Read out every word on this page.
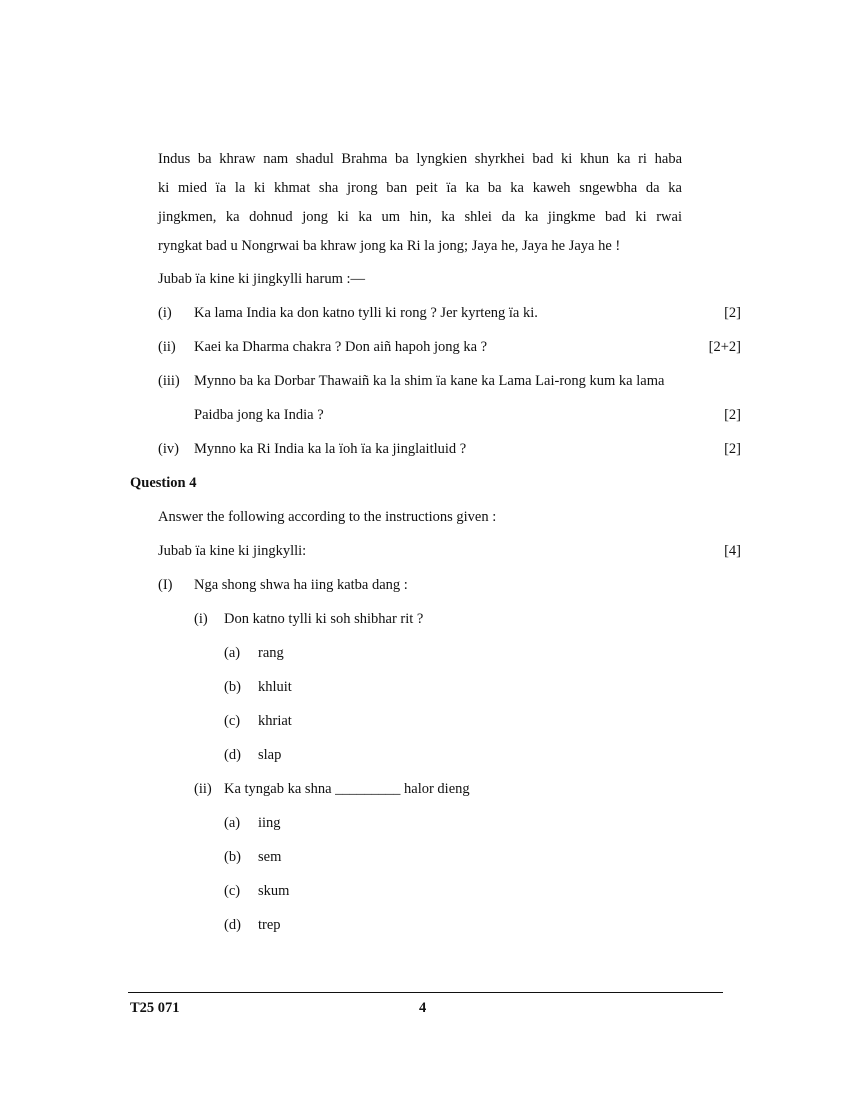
Indus ba khraw nam shadul Brahma ba lyngkien shyrkhei bad ki khun ka ri haba
ki mied ïa la ki khmat sha jrong ban peit ïa ka ba ka kaweh sngewbha da ka
jingkmen, ka dohnud jong ki ka um hin, ka shlei da ka jingkme bad ki rwai
ryngkat bad u Nongrwai ba khraw jong ka Ri la jong; Jaya he, Jaya he Jaya he !
Jubab ïa kine ki jingkylli harum :—
(i) Ka lama India ka don katno tylli ki rong ? Jer kyrteng ïa ki.	[2]
(ii) Kaei ka Dharma chakra ? Don aiñ hapoh jong ka ?	[2+2]
(iii) Mynno ba ka Dorbar Thawaiñ ka la shim ïa kane ka Lama Lai-rong kum ka lama
Paidba jong ka India ?	[2]
(iv) Mynno ka Ri India ka la ïoh ïa ka jinglaitluid ?	[2]
Question 4
Answer the following according to the instructions given :
Jubab ïa kine ki jingkylli:	[4]
(I) Nga shong shwa ha iing katba dang :
(i) Don katno tylli ki soh shibhar rit ?
(a) rang
(b) khluit
(c) khriat
(d) slap
(ii) Ka tyngab ka shna _________ halor dieng
(a) iing
(b) sem
(c) skum
(d) trep
T25 071	4
